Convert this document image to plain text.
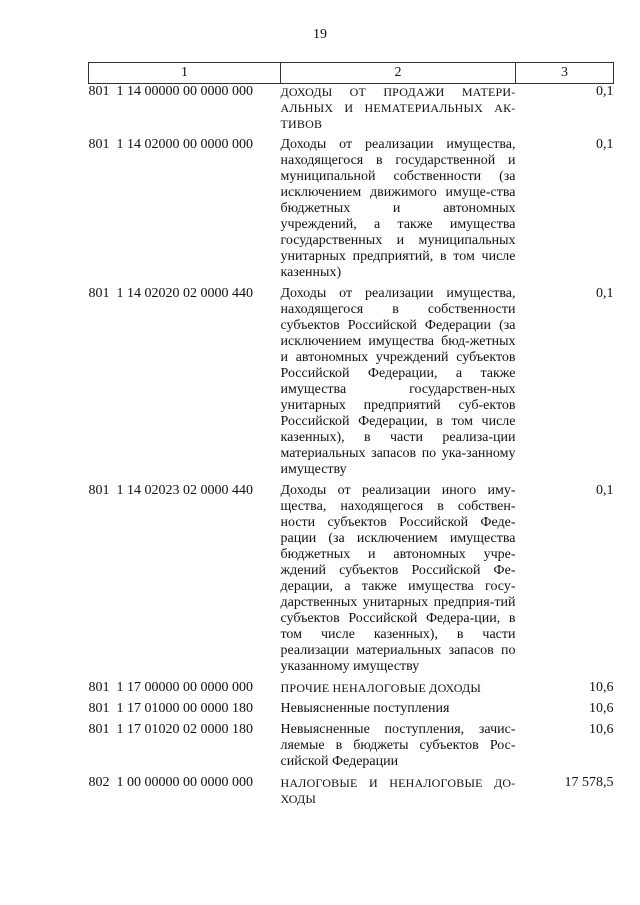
19
1	2	3

801 1 14 00000 00 0000 000	ДОХОДЫ ОТ ПРОДАЖИ МАТЕРИ-АЛЬНЫХ И НЕМАТЕРИАЛЬНЫХ АК-ТИВОВ	0,1

801 1 14 02000 00 0000 000	Доходы от реализации имущества, находящегося в государственной и муниципальной собственности (за исключением движимого имуще-ства бюджетных и автономных учреждений, а также имущества государственных и муниципальных унитарных предприятий, в том числе казенных)	0,1

801 1 14 02020 02 0000 440	Доходы от реализации имущества, находящегося в собственности субъектов Российской Федерации (за исключением имущества бюд-жетных и автономных учреждений субъектов Российской Федерации, а также имущества государствен-ных унитарных предприятий суб-ектов Российской Федерации, в том числе казенных), в части реализа-ции материальных запасов по ука-занному имуществу	0,1

801 1 14 02023 02 0000 440	Доходы от реализации иного иму-щества, находящегося в собствен-ности субъектов Российской Феде-рации (за исключением имущества бюджетных и автономных учре-ждений субъектов Российской Фе-дерации, а также имущества госу-дарственных унитарных предприя-тий субъектов Российской Федера-ции, в том числе казенных), в части реализации материальных запасов по указанному имуществу	0,1

801 1 17 00000 00 0000 000	ПРОЧИЕ НЕНАЛОГОВЫЕ ДОХОДЫ	10,6

801 1 17 01000 00 0000 180	Невыясненные поступления	10,6

801 1 17 01020 02 0000 180	Невыясненные поступления, зачис-ляемые в бюджеты субъектов Рос-сийской Федерации	10,6

802 1 00 00000 00 0000 000	НАЛОГОВЫЕ И НЕНАЛОГОВЫЕ ДО-ХОДЫ	17 578,5
